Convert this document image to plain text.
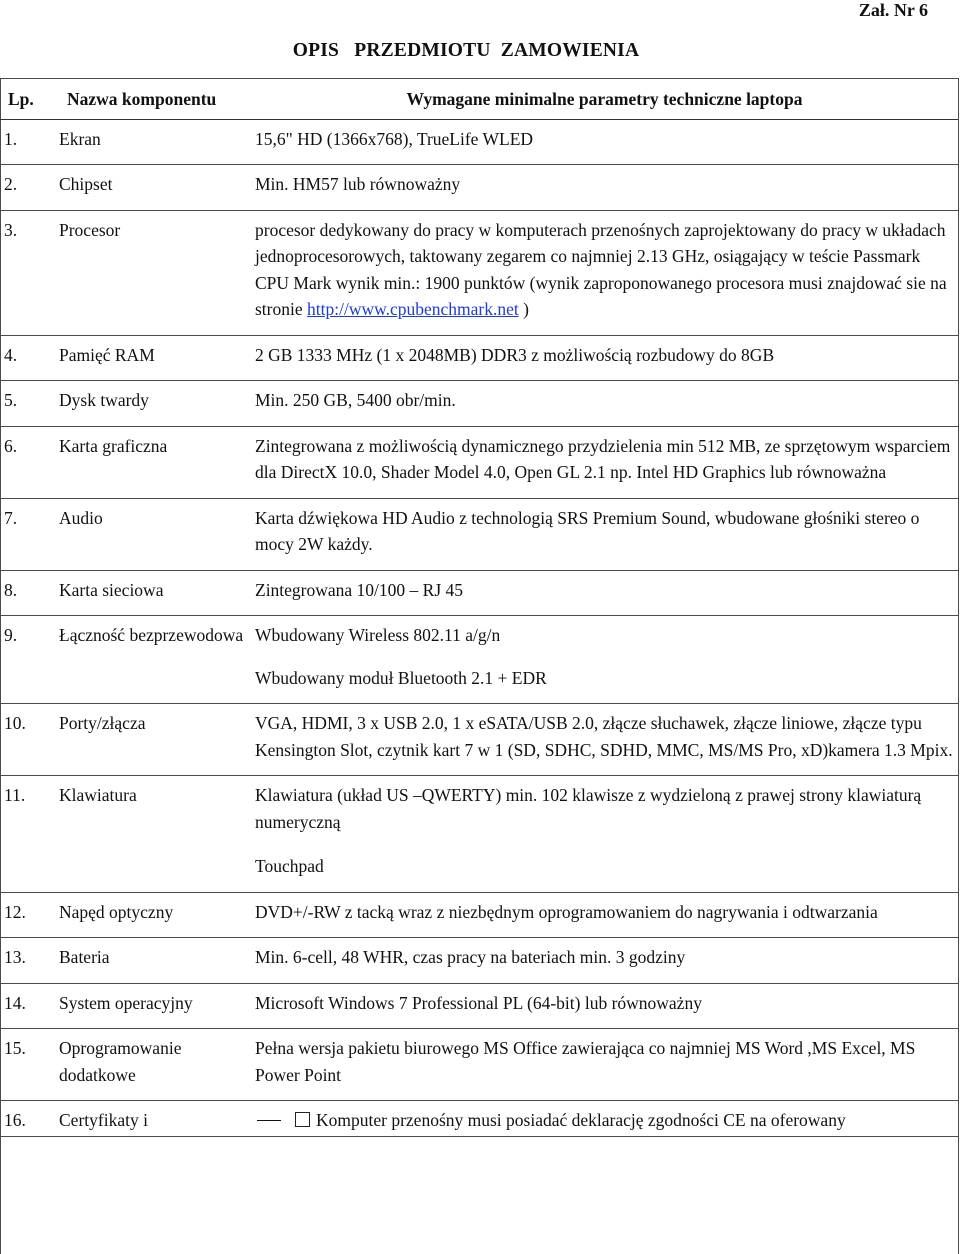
Zał. Nr 6
OPIS   PRZEDMIOTU  ZAMOWIENIA
Lp.	Nazwa komponentu	Wymagane minimalne parametry techniczne laptopa
1.	Ekran	15,6" HD (1366x768), TrueLife WLED
2.	Chipset	Min. HM57 lub równoważny
3.	Procesor	procesor dedykowany do pracy w komputerach przenośnych zaprojektowany do pracy w układach jednoprocesorowych, taktowany zegarem co najmniej 2.13 GHz, osiągający w teście Passmark CPU Mark wynik min.: 1900 punktów (wynik zaproponowanego procesora musi znajdować sie na stronie http://www.cpubenchmark.net )
4.	Pamięć RAM	2 GB 1333 MHz (1 x 2048MB) DDR3 z możliwością rozbudowy do 8GB
5.	Dysk twardy	Min. 250 GB, 5400 obr/min.
6.	Karta graficzna	Zintegrowana z możliwością dynamicznego przydzielenia min 512 MB, ze sprzętowym wsparciem dla DirectX 10.0, Shader Model 4.0, Open GL 2.1 np. Intel HD Graphics lub równoważna
7.	Audio	Karta dźwiękowa HD Audio z technologią SRS Premium Sound, wbudowane głośniki stereo o mocy 2W każdy.
8.	Karta sieciowa	Zintegrowana 10/100 – RJ 45
9.	Łączność bezprzewodowa	Wbudowany Wireless 802.11 a/g/n
Wbudowany moduł Bluetooth 2.1 + EDR

10.	Porty/złącza	VGA, HDMI, 3 x USB 2.0, 1 x eSATA/USB 2.0, złącze słuchawek, złącze liniowe, złącze typu Kensington Slot, czytnik kart 7 w 1 (SD, SDHC, SDHD, MMC, MS/MS Pro, xD)kamera 1.3 Mpix.
11.	Klawiatura	Klawiatura (układ US –QWERTY) min. 102 klawisze z wydzieloną z prawej strony klawiaturą numeryczną
Touchpad

12.	Napęd optyczny	DVD+/-RW z tacką wraz z niezbędnym oprogramowaniem do nagrywania i odtwarzania
13.	Bateria	Min. 6-cell, 48 WHR, czas pracy na bateriach min. 3 godziny
14.	System operacyjny	Microsoft Windows 7 Professional PL (64-bit) lub równoważny
15.	Oprogramowanie dodatkowe	Pełna wersja pakietu biurowego MS Office zawierająca co najmniej MS Word ,MS Excel, MS Power Point
16.	Certyfikaty i	Komputer przenośny musi posiadać deklarację zgodności CE na oferowany
